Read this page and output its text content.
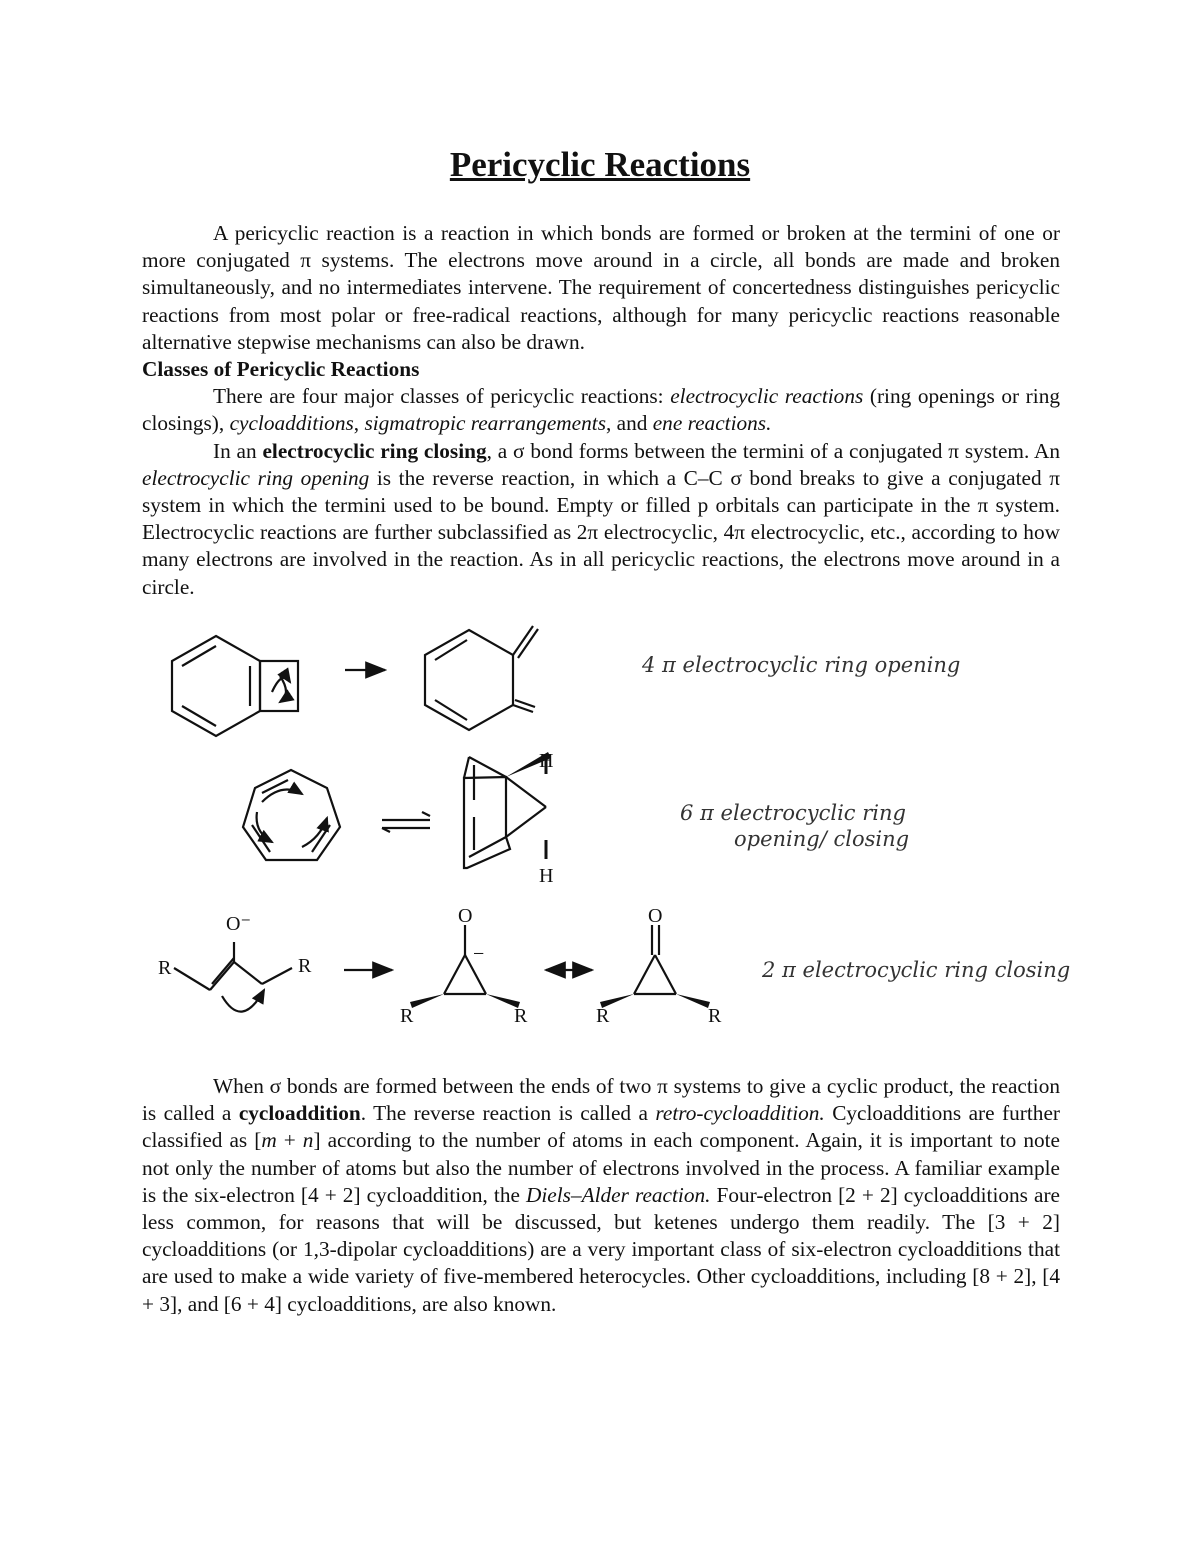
Pericyclic Reactions

A pericyclic reaction is a reaction in which bonds are formed or broken at the termini of one or more conjugated π systems. The electrons move around in a circle, all bonds are made and broken simultaneously, and no intermediates intervene. The requirement of concertedness distinguishes pericyclic reactions from most polar or free-radical reactions, although for many pericyclic reactions reasonable alternative stepwise mechanisms can also be drawn.

Classes of Pericyclic Reactions

There are four major classes of pericyclic reactions: electrocyclic reactions (ring openings or ring closings), cycloadditions, sigmatropic rearrangements, and ene reactions.

In an electrocyclic ring closing, a σ bond forms between the termini of a conjugated π system. An electrocyclic ring opening is the reverse reaction, in which a C–C σ bond breaks to give a conjugated π system in which the termini used to be bound. Empty or filled p orbitals can participate in the π system. Electrocyclic reactions are further subclassified as 2π electrocyclic, 4π electrocyclic, etc., according to how many electrons are involved in the reaction. As in all pericyclic reactions, the electrons move around in a circle.

4 π electrocyclic ring opening
H
H
6 π electrocyclic ring
opening/ closing
O⁻
R	R
O
−
R	R
O
R	R
2 π electrocyclic ring closing

When σ bonds are formed between the ends of two π systems to give a cyclic product, the reaction is called a cycloaddition. The reverse reaction is called a retro-cycloaddition. Cycloadditions are further classified as [m + n] according to the number of atoms in each component. Again, it is important to note not only the number of atoms but also the number of electrons involved in the process. A familiar example is the six-electron [4 + 2] cycloaddition, the Diels–Alder reaction. Four-electron [2 + 2] cycloadditions are less common, for reasons that will be discussed, but ketenes undergo them readily. The [3 + 2] cycloadditions (or 1,3-dipolar cycloadditions) are a very important class of six-electron cycloadditions that are used to make a wide variety of five-membered heterocycles. Other cycloadditions, including [8 + 2], [4 + 3], and [6 + 4] cycloadditions, are also known.
